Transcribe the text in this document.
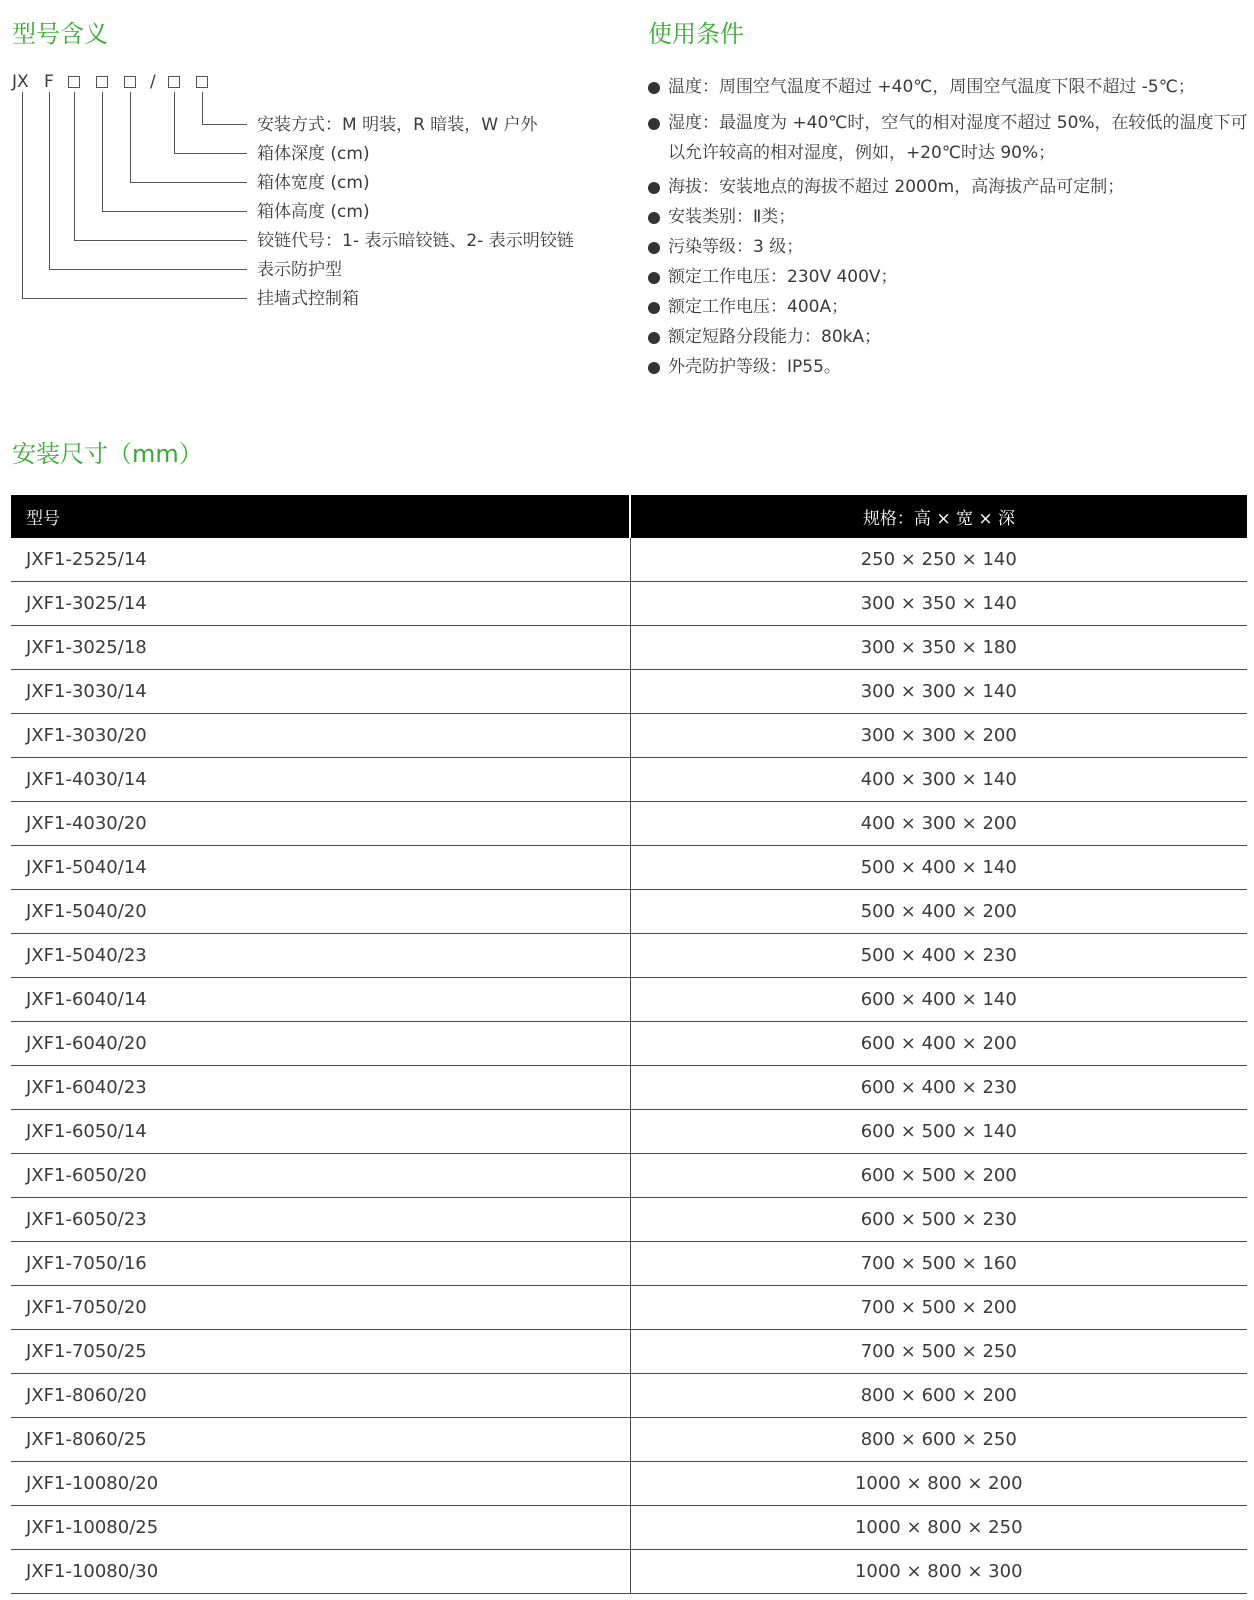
型号含义
JX F	/
安装方式：M 明装，R 暗装，W 户外
箱体深度 (cm)
箱体宽度 (cm)
箱体高度 (cm)
铰链代号：1- 表示暗铰链、2- 表示明铰链
表示防护型
挂墙式控制箱
使用条件
温度：周围空气温度不超过 +40℃，周围空气温度下限不超过 -5℃；
湿度：最温度为 +40℃时，空气的相对湿度不超过 50%，在较低的温度下可以允许较高的相对湿度，例如，+20℃时达 90%；
海拔：安装地点的海拔不超过 2000m，高海拔产品可定制；
安装类别：Ⅱ类；
污染等级：3 级；
额定工作电压：230V 400V；
额定工作电压：400A；
额定短路分段能力：80kA；
外壳防护等级：IP55。
安装尺寸（mm）
型号	规格：高 × 宽 × 深
JXF1-2525/14	250 × 250 × 140
JXF1-3025/14	300 × 350 × 140
JXF1-3025/18	300 × 350 × 180
JXF1-3030/14	300 × 300 × 140
JXF1-3030/20	300 × 300 × 200
JXF1-4030/14	400 × 300 × 140
JXF1-4030/20	400 × 300 × 200
JXF1-5040/14	500 × 400 × 140
JXF1-5040/20	500 × 400 × 200
JXF1-5040/23	500 × 400 × 230
JXF1-6040/14	600 × 400 × 140
JXF1-6040/20	600 × 400 × 200
JXF1-6040/23	600 × 400 × 230
JXF1-6050/14	600 × 500 × 140
JXF1-6050/20	600 × 500 × 200
JXF1-6050/23	600 × 500 × 230
JXF1-7050/16	700 × 500 × 160
JXF1-7050/20	700 × 500 × 200
JXF1-7050/25	700 × 500 × 250
JXF1-8060/20	800 × 600 × 200
JXF1-8060/25	800 × 600 × 250
JXF1-10080/20	1000 × 800 × 200
JXF1-10080/25	1000 × 800 × 250
JXF1-10080/30	1000 × 800 × 300
